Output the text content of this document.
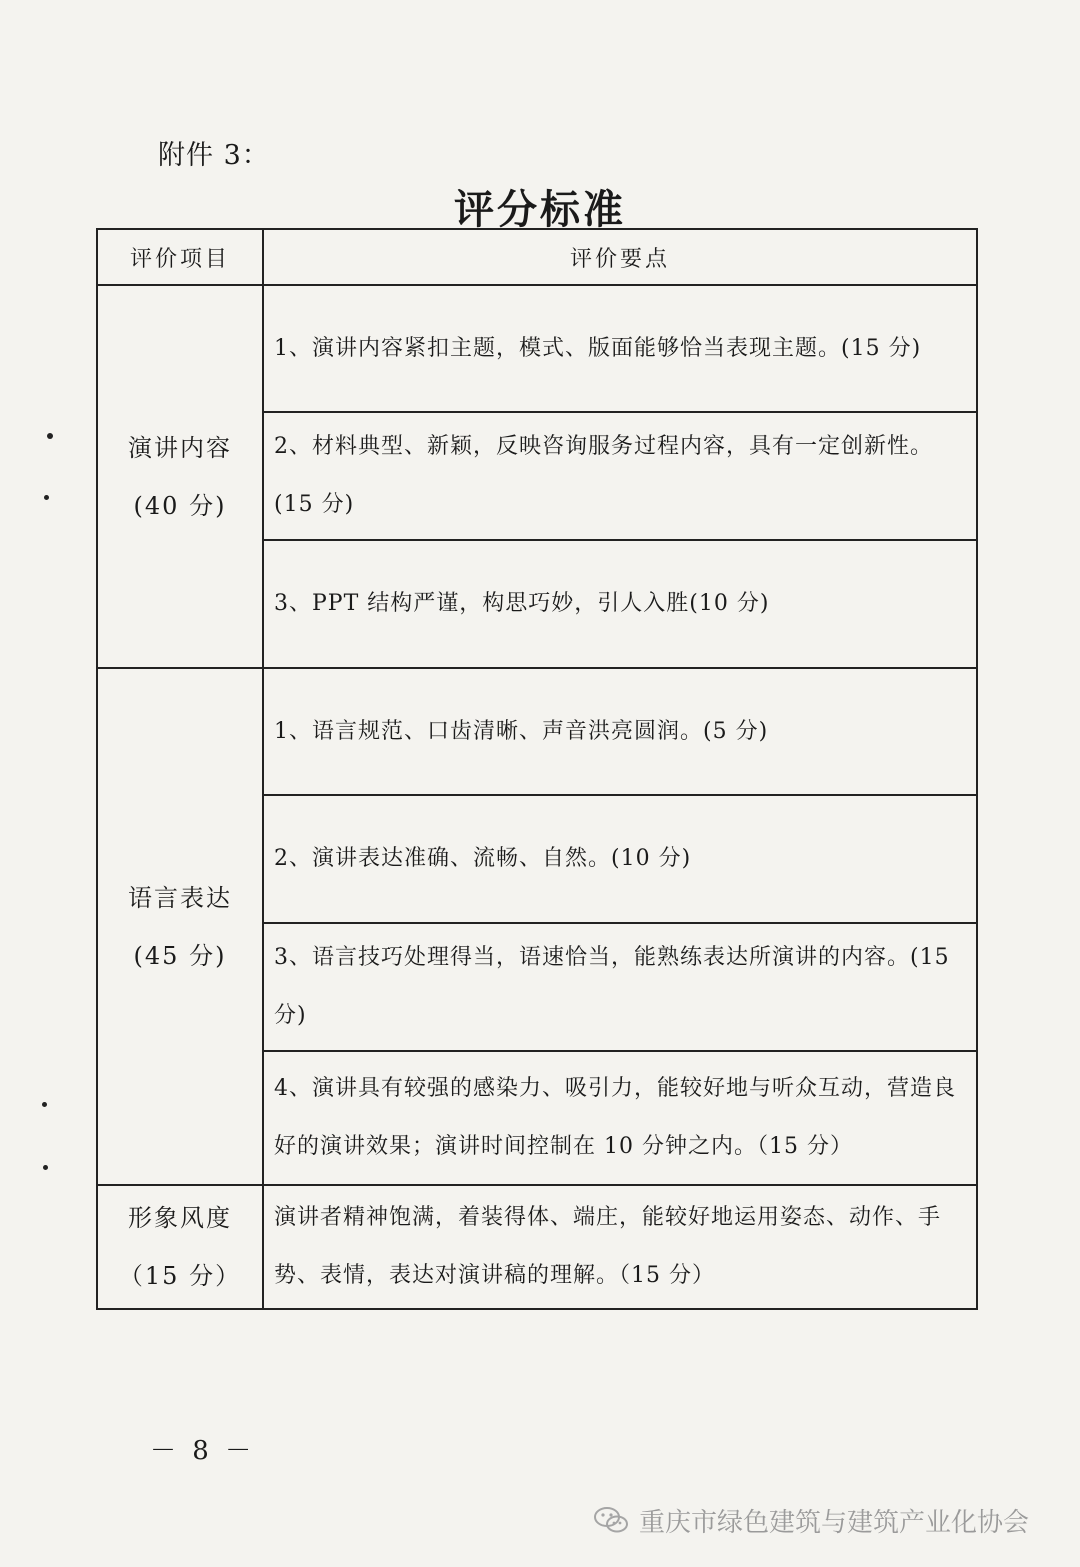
附件 3：
评分标准
评价项目	评价要点

演讲内容
(40 分)	1、演讲内容紧扣主题，模式、版面能够恰当表现主题。(15 分)
	2、材料典型、新颖，反映咨询服务过程内容，具有一定创新性。(15 分)
	3、PPT 结构严谨，构思巧妙，引人入胜(10 分)

语言表达
(45 分)	1、语言规范、口齿清晰、声音洪亮圆润。(5 分)
	2、演讲表达准确、流畅、自然。(10 分)
	3、语言技巧处理得当，语速恰当，能熟练表达所演讲的内容。(15 分)
	4、演讲具有较强的感染力、吸引力，能较好地与听众互动，营造良好的演讲效果；演讲时间控制在 10 分钟之内。（15 分）

形象风度
（15 分）	演讲者精神饱满，着装得体、端庄，能较好地运用姿态、动作、手势、表情，表达对演讲稿的理解。（15 分）
－ 8 －
重庆市绿色建筑与建筑产业化协会
